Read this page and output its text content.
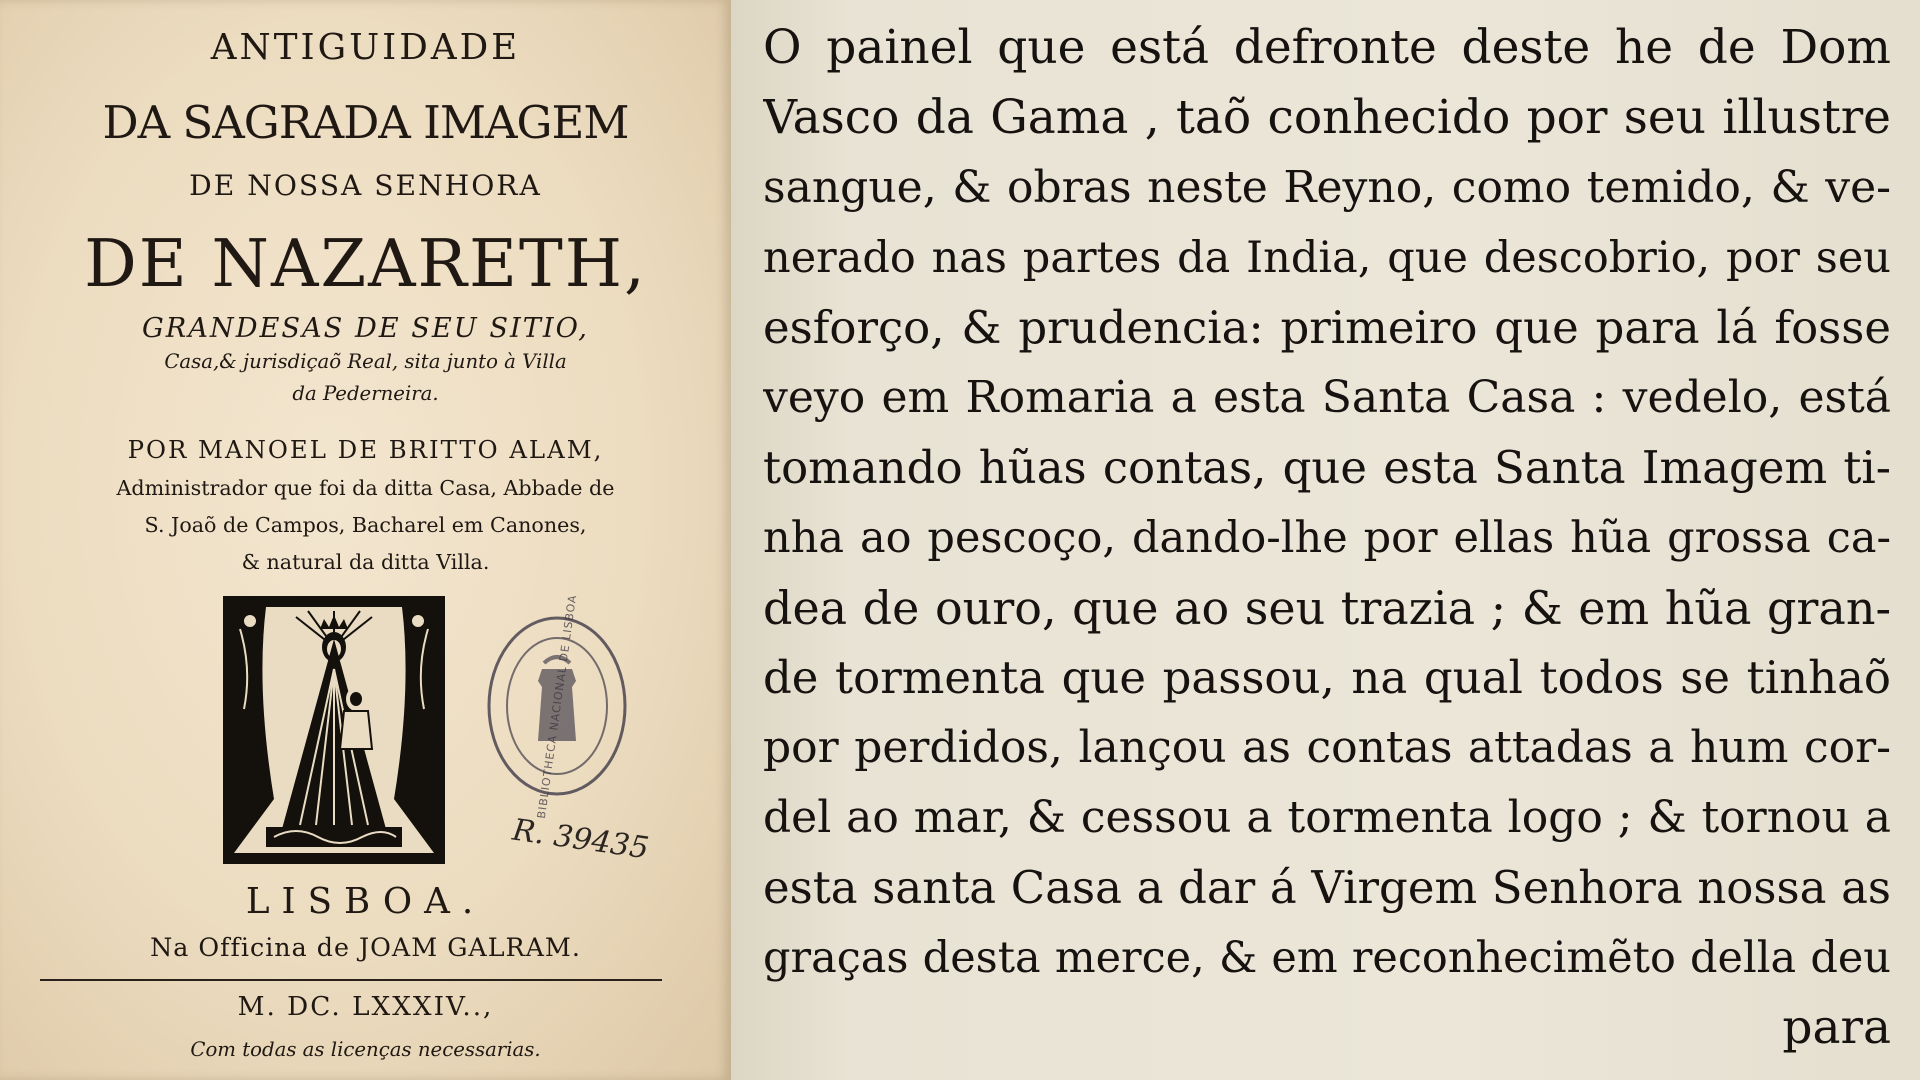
ANTIGUIDADE
DA SAGRADA IMAGEM
DE NOSSA SENHORA
DE NAZARETH,
GRANDESAS DE SEU SITIO,
Casa,& jurisdiçaõ Real, sita junto à Villa
da Pederneira.
POR MANOEL DE BRITTO ALAM,
Administrador que foi da ditta Casa, Abbade de
S. Joaõ de Campos, Bacharel em Canones,
& natural da ditta Villa.
BIBLIOTHECA NACIONAL DE LISBOA
R. 39435
LISBOA.
Na Officina de JOAM GALRAM.
M. DC. LXXXIV..,
Com todas as licenças necessarias.
O painel que está defronte deste he de Dom
Vasco da Gama , taõ conhecido por seu illustre
sangue, & obras neste Reyno, como temido, & ve-
nerado nas partes da India, que descobrio, por seu
esforço, & prudencia: primeiro que para lá fosse
veyo em Romaria a esta Santa Casa : vedelo, está
tomando hũas contas, que esta Santa Imagem ti-
nha ao pescoço, dando-lhe por ellas hũa grossa ca-
dea de ouro, que ao seu trazia ; & em hũa gran-
de tormenta que passou, na qual todos se tinhaõ
por perdidos, lançou as contas attadas a hum cor-
del ao mar, & cessou a tormenta logo ; & tornou a
esta santa Casa a dar á Virgem Senhora nossa as
graças desta merce, & em reconhecimẽto della deu
para
